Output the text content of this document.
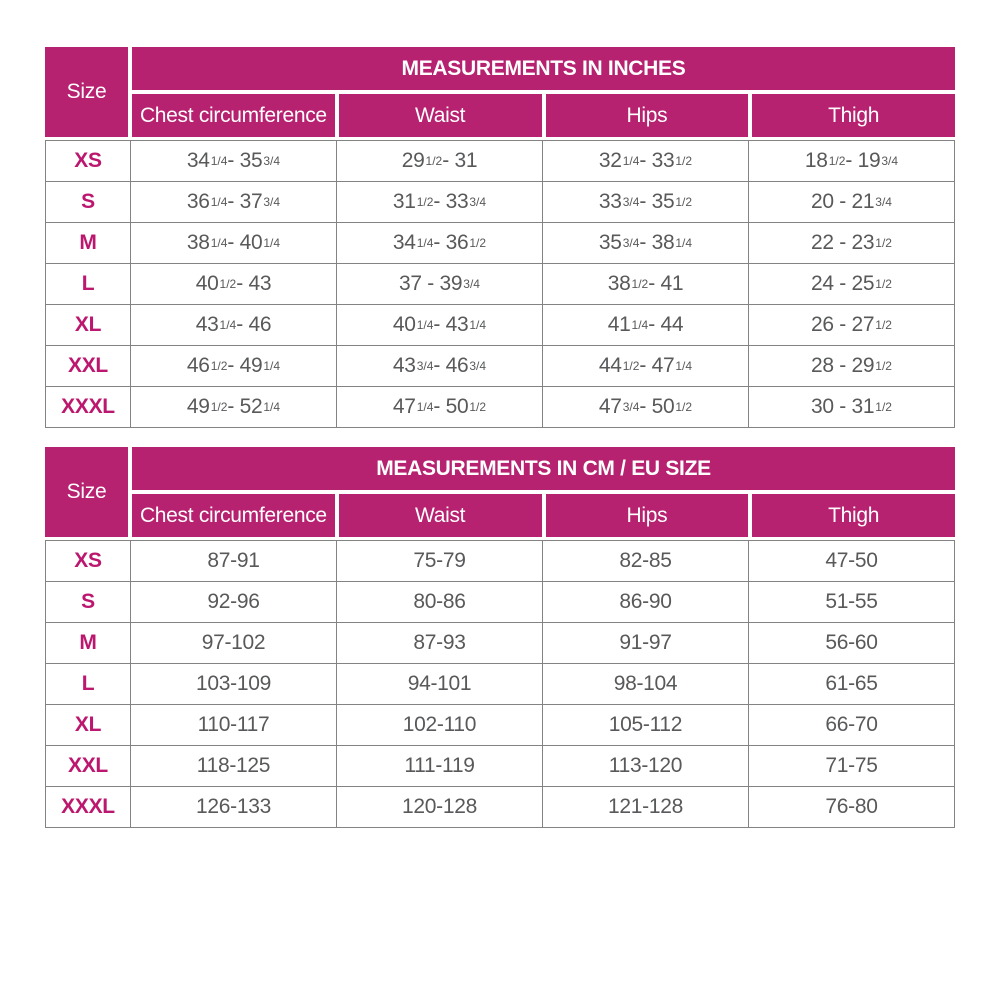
Size
MEASUREMENTS IN INCHES
Chest circumference	Waist	Hips	Thigh
XS	34 1/4 - 35 3/4	29 1/2 - 31	32 1/4 - 33 1/2	18 1/2 - 19 3/4
S	36 1/4 - 37 3/4	31 1/2 - 33 3/4	33 3/4 - 35 1/2	20 - 21 3/4
M	38 1/4 - 40 1/4	34 1/4 - 36 1/2	35 3/4 - 38 1/4	22 - 23 1/2
L	40 1/2 - 43	37 - 39 3/4	38 1/2 - 41	24 - 25 1/2
XL	43 1/4 - 46	40 1/4 - 43 1/4	41 1/4 - 44	26 - 27 1/2
XXL	46 1/2 - 49 1/4	43 3/4 - 46 3/4	44 1/2 - 47 1/4	28 - 29 1/2
XXXL	49 1/2 - 52 1/4	47 1/4 - 50 1/2	47 3/4 - 50 1/2	30 - 31 1/2
Size
MEASUREMENTS IN CM / EU SIZE
Chest circumference	Waist	Hips	Thigh
XS	87-91	75-79	82-85	47-50
S	92-96	80-86	86-90	51-55
M	97-102	87-93	91-97	56-60
L	103-109	94-101	98-104	61-65
XL	110-117	102-110	105-112	66-70
XXL	118-125	111-119	113-120	71-75
XXXL	126-133	120-128	121-128	76-80
